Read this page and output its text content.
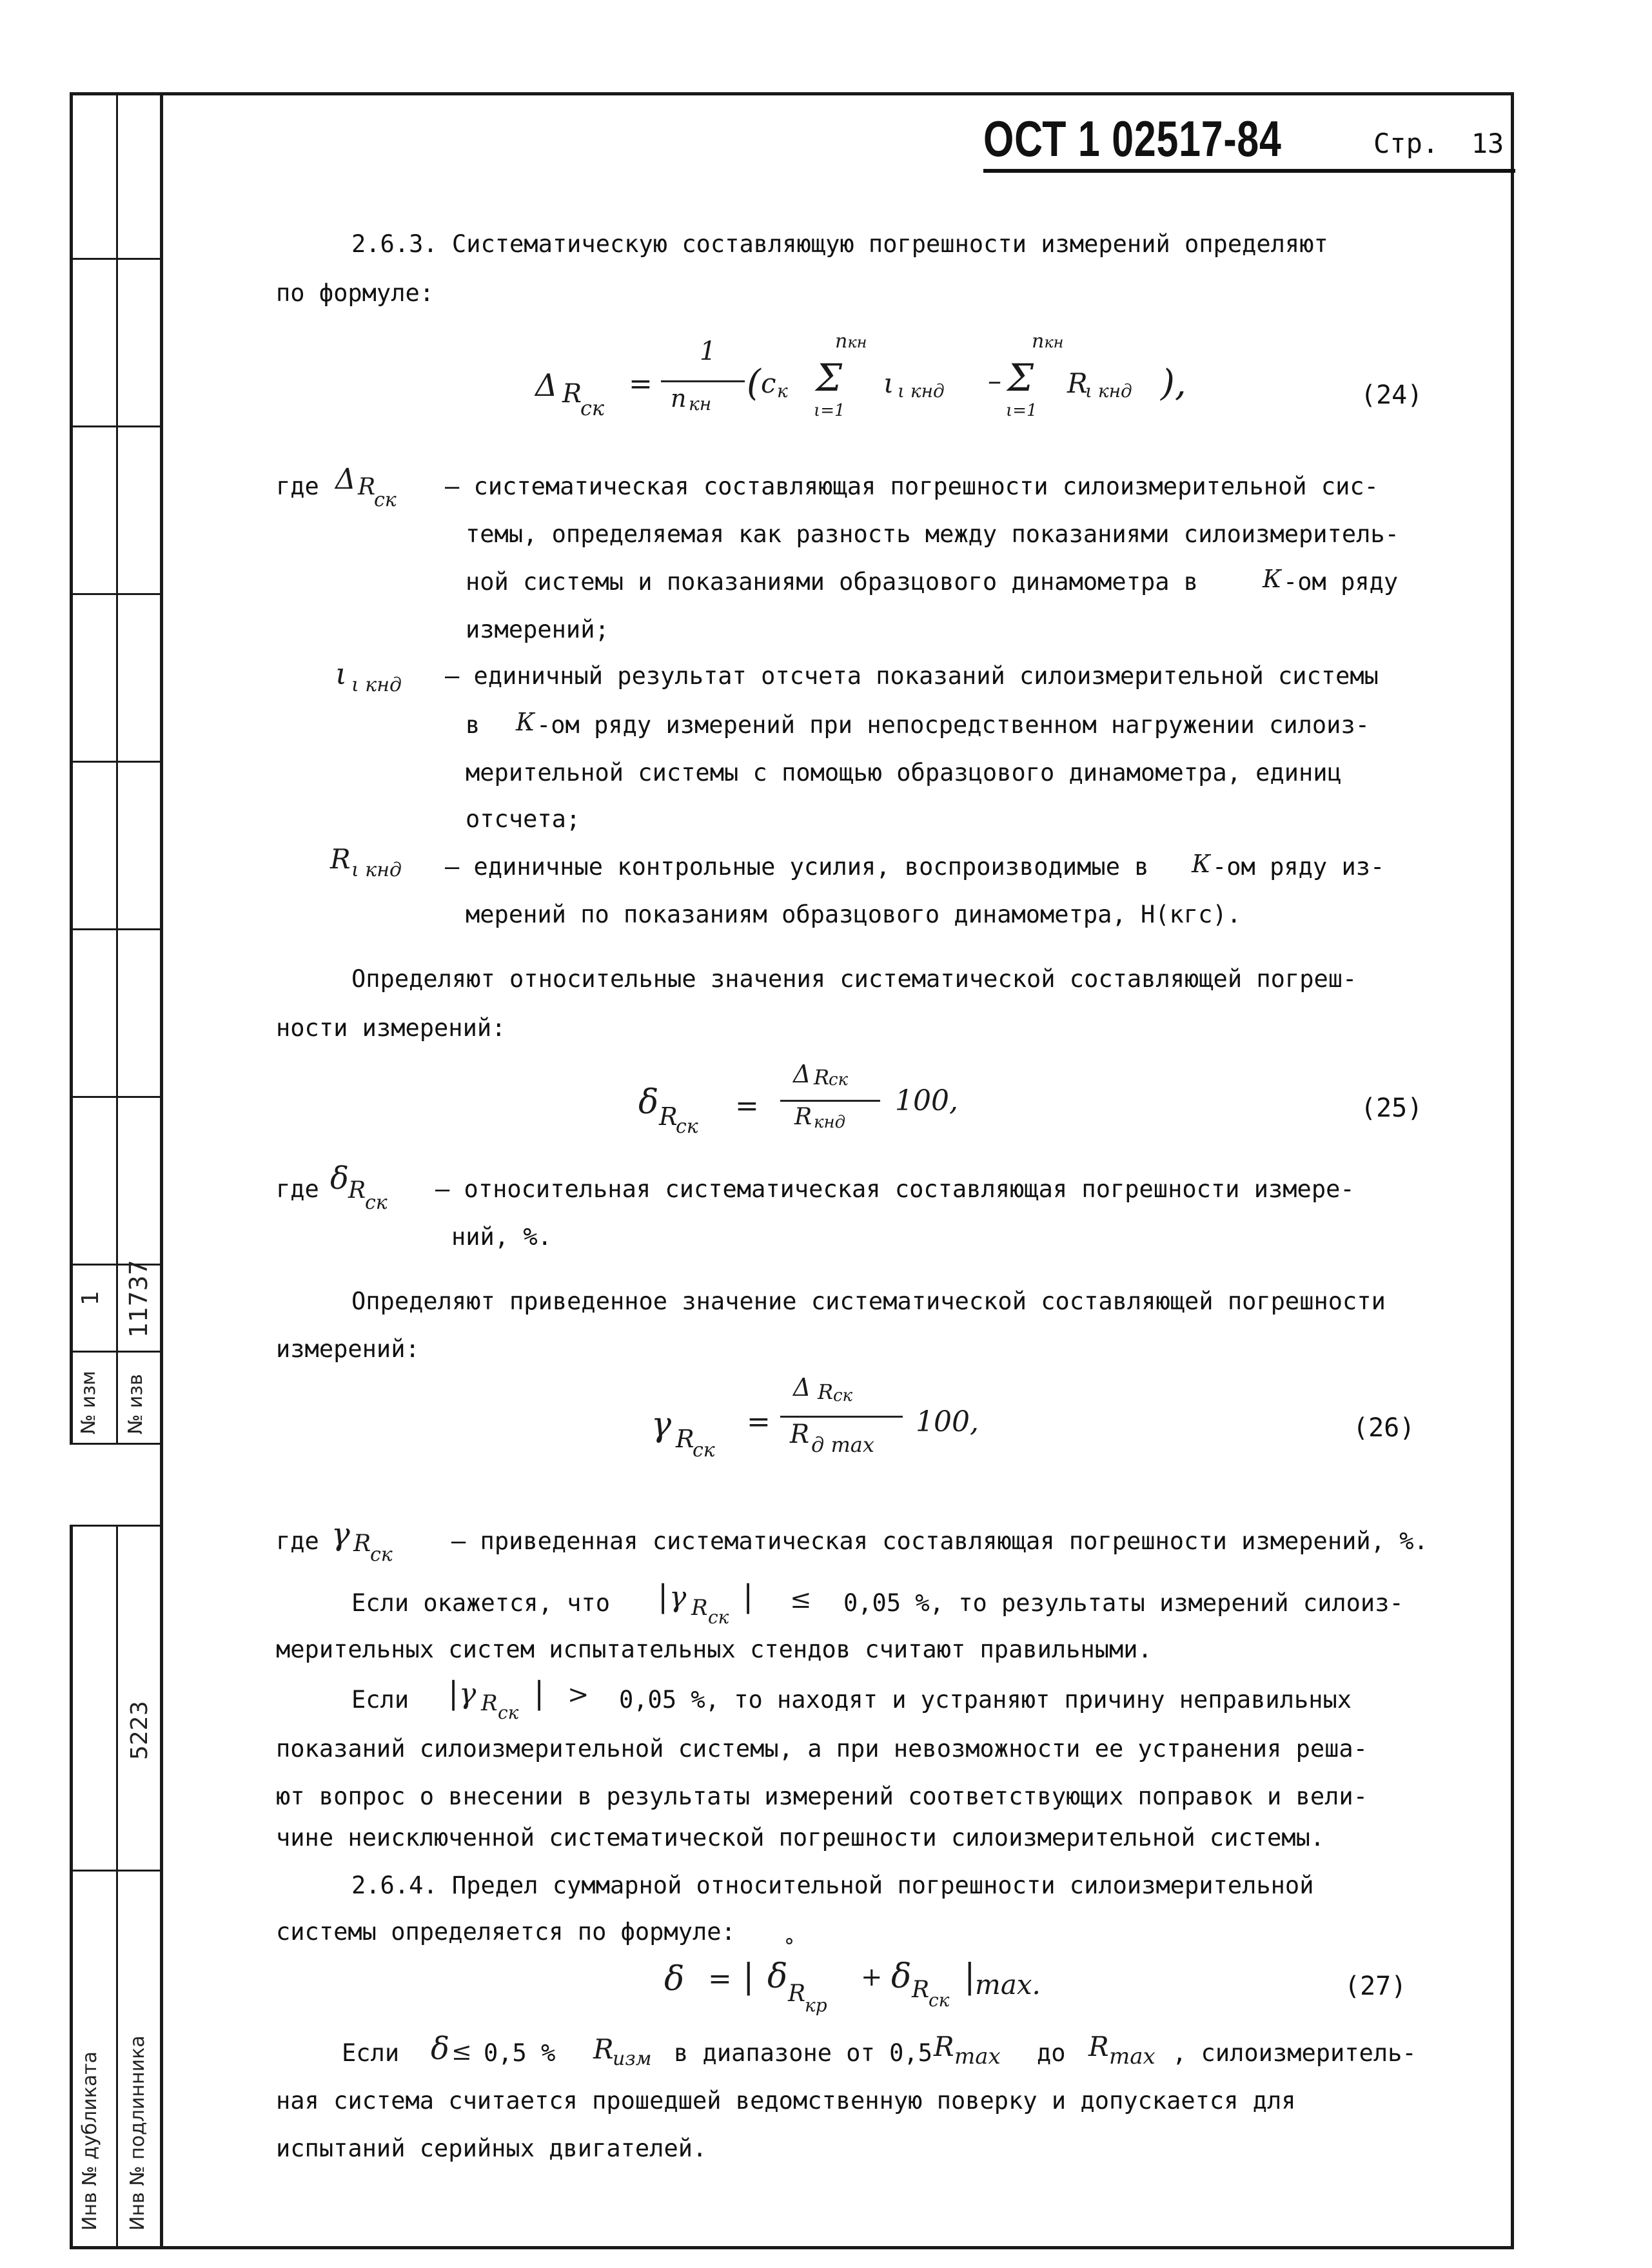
№ изм
1
№ изв
11737
Инв № дубликата Инв № подлинника
5223
ОСТ 1 02517-84	Стр. 13
2.6.3. Систематическую составляющую погрешности измерений определяют
по формуле:
Δ R
ск
=
1
n кн ( c к
nкн
Σ
ι=1
ι ι кнд –
nкн
Σ
ι=1
R
ι кнд ),	(24)
где Δ R
ск – систематическая составляющая погрешности силоизмерительной сис-
темы, определяемая как разность между показаниями силоизмеритель-
ной системы и показаниями образцового динамометра в	К -ом ряду
измерений;
ι ι кнд – единичный результат отсчета показаний силоизмерительной системы
в К -ом ряду измерений при непосредственном нагружении силоиз-
мерительной системы с помощью образцового динамометра, единиц
отсчета;
R ι кнд – единичные контрольные усилия, воспроизводимые в К -ом ряду из-
мерений по показаниям образцового динамометра, Н(кгс).
Определяют относительные значения систематической составляющей погреш-
ности измерений:
δ R
ск
=
Δ R
ск
R кнд
100,	(25)
где δ R
ск – относительная систематическая составляющая погрешности измере-
ний, %.
Определяют приведенное значение систематической составляющей погрешности
измерений:
γ R
ск
=
Δ R ск
R д max
100,	(26)
где γ R
ск – приведенная систематическая составляющая погрешности измерений, %.
Если окажется, что | γ R ск
| ≤ 0,05 %, то результаты измерений силоиз-
мерительных систем испытательных стендов считают правильными.
Если | γ R ск
| > 0,05 %, то находят и устраняют причину неправильных
показаний силоизмерительной системы, а при невозможности ее устранения реша-
ют вопрос о внесении в результаты измерений соответствующих поправок и вели-
чине неисключенной систематической погрешности силоизмерительной системы.
2.6.4. Предел суммарной относительной погрешности силоизмерительной
системы определяется по формуле:
δ = |
°
δ R
кр
+ δ R
ск
| max.	(27)
Если δ ≤ 0,5 % R
изм в диапазоне от 0,5 R max до R max , силоизмеритель-
ная система считается прошедшей ведомственную поверку и допускается для
испытаний серийных двигателей.
